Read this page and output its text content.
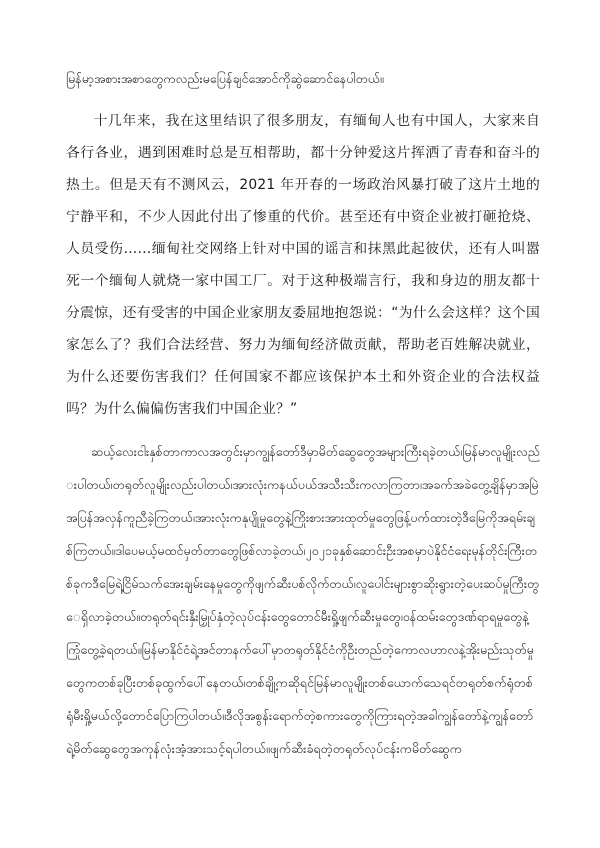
မြန်မာ့အစားအစာတွေကလည်းမပြေန်ချင်အောင်ကိုဆွဲဆောင်နေပါတယ်။

十几年来，我在这里结识了很多朋友，有缅甸人也有中国人，大家来自各行各业，遇到困难时总是互相帮助，都十分钟爱这片挥洒了青春和奋斗的热土。但是天有不测风云，2021 年开春的一场政治风暴打破了这片土地的宁静平和，不少人因此付出了惨重的代价。甚至还有中资企业被打砸抢烧、人员受伤……缅甸社交网络上针对中国的谣言和抹黑此起彼伏，还有人叫嚣死一个缅甸人就烧一家中国工厂。对于这种极端言行，我和身边的朋友都十分震惊，还有受害的中国企业家朋友委屈地抱怨说：“为什么会这样？这个国家怎么了？我们合法经营、努力为缅甸经济做贡献，帮助老百姓解决就业，为什么还要伤害我们？任何国家不都应该保护本土和外资企业的合法权益吗？为什么偏偏伤害我们中国企业？”

ဆယ့်လေးငါးနှစ်တာကာလအတွင်းမှာကျွန်တော်ဒီမှာမိတ်ဆွေတွေအများကြီးရခဲ့တယ်၊မြန်မာလူမျိုးလည်းပါတယ်၊တရုတ်လူမျိုးလည်းပါတယ်၊အားလုံးကနယ်ပယ်အသီးသီးကလာကြတာ၊အခက်အခဲတွေ့ချိန်မှာအမြဲအပြန်အလှန်ကူညီခဲ့ကြတယ်၊အားလုံးကနုပျိုမှုတွေနဲ့ကြိုးစားအားထုတ်မှုတွေဖြန့်ပက်ထားတဲ့ဒီမြေကိုအရမ်းချစ်ကြတယ်။ဒါပေမယ့်မထင်မှတ်တာတွေဖြစ်လာခဲ့တယ်၊၂၀၂၁ခုနှစ်ဆောင်းဦးအစမှာပဲနိုင်ငံရေးမုန်တိုင်းကြီးတစ်ခုကဒီမြေရဲ့ငြိမ်သက်အေးချမ်းနေမှုတွေကိုဖျက်ဆီးပစ်လိုက်တယ်၊လူပေါင်းများစွာဆိုးရွားတဲ့ပေးဆပ်မှုကြီးတွေရှိလာခဲ့တယ်။တရုတ်ရင်းနှီးမြှုပ်နှံတဲ့လုပ်ငန်းတွေတောင်မီးရှို့ဖျက်ဆီးမှုတွေ၊ဝန်ထမ်းတွေဒဏ်ရာရမှုတွေနဲ့ကြုံတွေ့ခဲ့ရတယ်။မြန်မာနိုင်ငံရဲ့အင်တာနက်ပေါ်မှာတရုတ်နိုင်ငံကိုဦးတည်တဲ့ကောလဟာလနဲ့အိုးမည်းသုတ်မှုတွေကတစ်ခုပြီးတစ်ခုထွက်ပေါ်နေတယ်၊တစ်ချို့ကဆိုရင်မြန်မာလူမျိုးတစ်ယောက်သေရင်တရုတ်စက်ရုံတစ်ရုံမီးရှို့မယ်လို့တောင်ပြောကြပါတယ်။ဒီလိုအစွန်းရောက်တဲ့စကားတွေကိုကြားရတဲ့အခါကျွန်တော်နဲ့ကျွန်တော်ရဲ့မိတ်ဆွေတွေအကုန်လုံးအံ့အားသင့်ရပါတယ်။ဖျက်ဆီးခံရတဲ့တရုတ်လုပ်ငန်းကမိတ်ဆွေက
